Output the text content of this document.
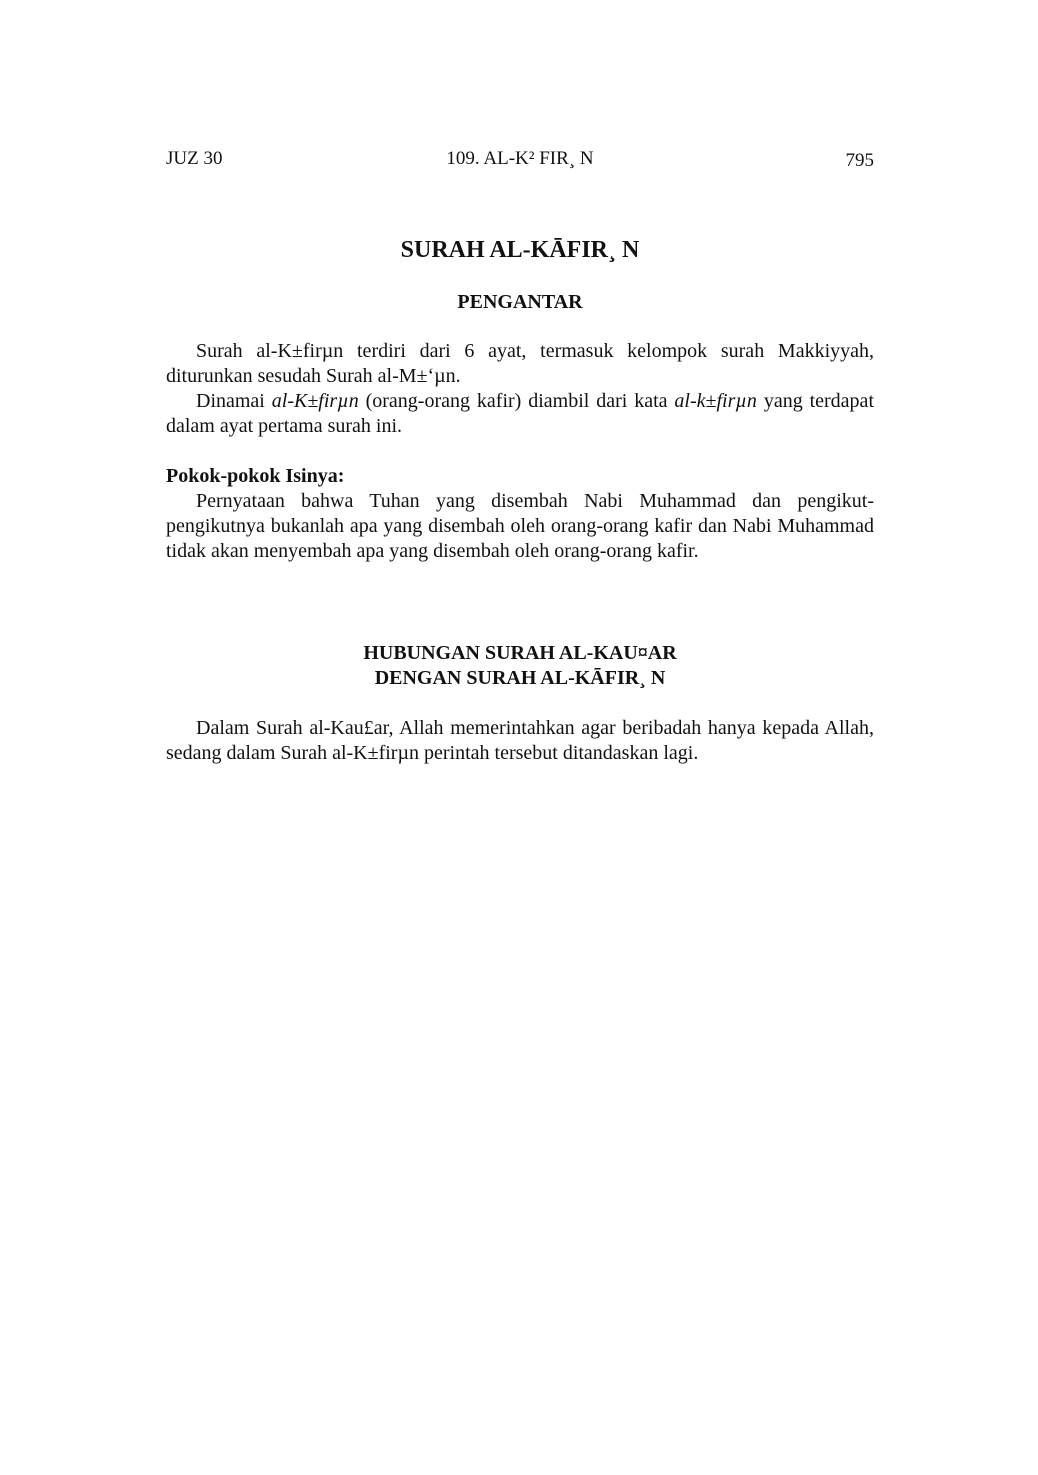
JUZ 30	109. AL-K² FIR¸ N	795
SURAH AL-KĀFIR¸ N
PENGANTAR

Surah al-K±firµn terdiri dari 6 ayat, termasuk kelompok surah Makkiyyah, diturunkan sesudah Surah al-M±‘µn.

Dinamai al-K±firµn (orang-orang kafir) diambil dari kata al-k±firµn yang terdapat dalam ayat pertama surah ini.

Pokok-pokok Isinya:

Pernyataan bahwa Tuhan yang disembah Nabi Muhammad dan pengikut-pengikutnya bukanlah apa yang disembah oleh orang-orang kafir dan Nabi Muhammad tidak akan menyembah apa yang disembah oleh orang-orang kafir.

HUBUNGAN SURAH AL-KAU¤AR
DENGAN SURAH AL-KĀFIR¸ N

Dalam Surah al-Kau£ar, Allah memerintahkan agar beribadah hanya kepada Allah, sedang dalam Surah al-K±firµn perintah tersebut ditandaskan lagi.
